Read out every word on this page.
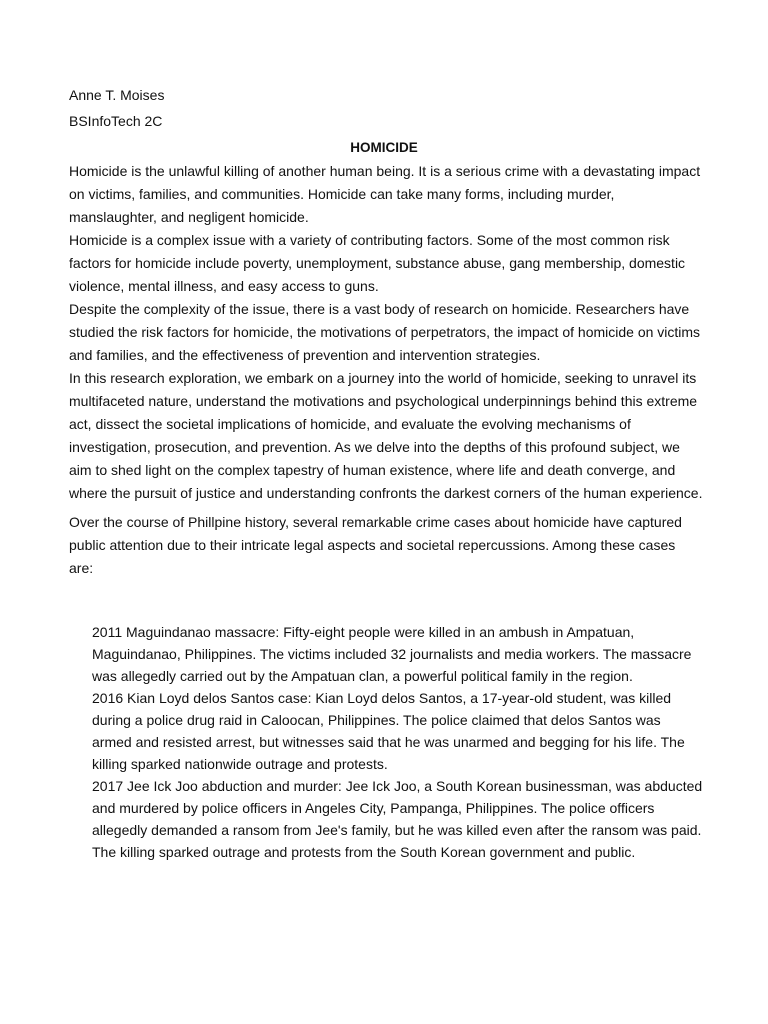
Anne T. Moises
BSInfoTech 2C
HOMICIDE

Homicide is the unlawful killing of another human being. It is a serious crime with a devastating impact on victims, families, and communities. Homicide can take many forms, including murder, manslaughter, and negligent homicide.

Homicide is a complex issue with a variety of contributing factors. Some of the most common risk factors for homicide include poverty, unemployment, substance abuse, gang membership, domestic violence, mental illness, and easy access to guns.

Despite the complexity of the issue, there is a vast body of research on homicide. Researchers have studied the risk factors for homicide, the motivations of perpetrators, the impact of homicide on victims and families, and the effectiveness of prevention and intervention strategies.

In this research exploration, we embark on a journey into the world of homicide, seeking to unravel its multifaceted nature, understand the motivations and psychological underpinnings behind this extreme act, dissect the societal implications of homicide, and evaluate the evolving mechanisms of investigation, prosecution, and prevention. As we delve into the depths of this profound subject, we aim to shed light on the complex tapestry of human existence, where life and death converge, and where the pursuit of justice and understanding confronts the darkest corners of the human experience.

Over the course of Phillpine history, several remarkable crime cases about homicide have captured public attention due to their intricate legal aspects and societal repercussions. Among these cases are:

2011 Maguindanao massacre: Fifty-eight people were killed in an ambush in Ampatuan, Maguindanao, Philippines. The victims included 32 journalists and media workers. The massacre was allegedly carried out by the Ampatuan clan, a powerful political family in the region.

2016 Kian Loyd delos Santos case: Kian Loyd delos Santos, a 17-year-old student, was killed during a police drug raid in Caloocan, Philippines. The police claimed that delos Santos was armed and resisted arrest, but witnesses said that he was unarmed and begging for his life. The killing sparked nationwide outrage and protests.

2017 Jee Ick Joo abduction and murder: Jee Ick Joo, a South Korean businessman, was abducted and murdered by police officers in Angeles City, Pampanga, Philippines. The police officers allegedly demanded a ransom from Jee's family, but he was killed even after the ransom was paid. The killing sparked outrage and protests from the South Korean government and public.
